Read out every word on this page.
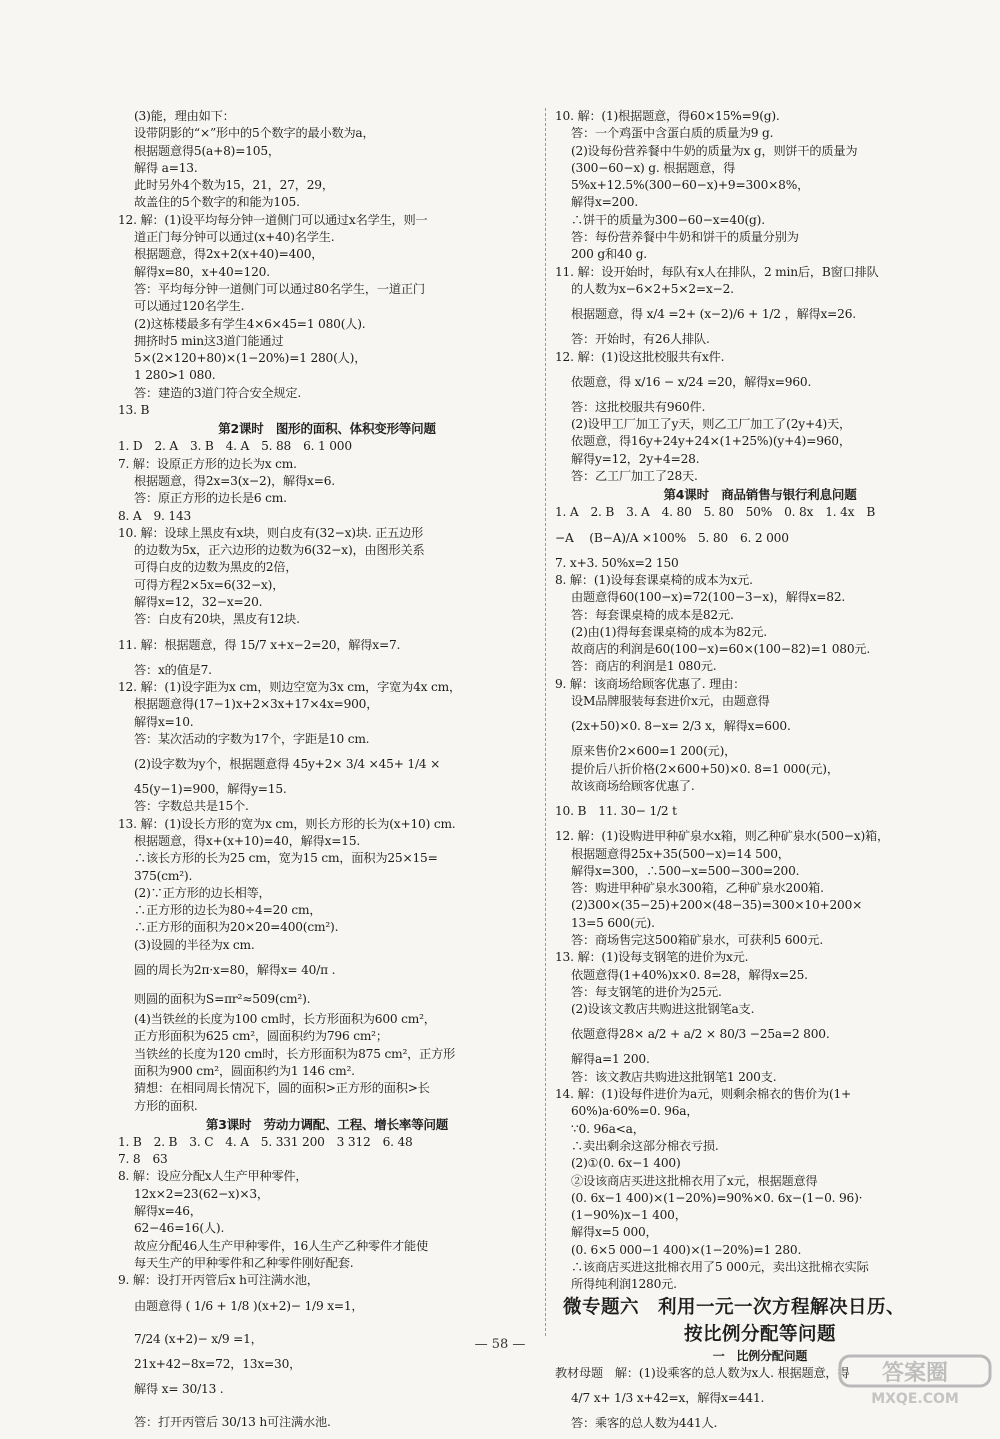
(3)能，理由如下：
设带阴影的“×”形中的5个数字的最小数为a，
根据题意得5(a+8)=105，
解得 a=13.
此时另外4个数为15，21，27，29，
故盖住的5个数字的和能为105.
12. 解：(1)设平均每分钟一道侧门可以通过x名学生，则一
道正门每分钟可以通过(x+40)名学生.
根据题意，得2x+2(x+40)=400，
解得x=80，x+40=120.
答：平均每分钟一道侧门可以通过80名学生，一道正门
可以通过120名学生.
(2)这栋楼最多有学生4×6×45=1 080(人).
拥挤时5 min这3道门能通过
5×(2×120+80)×(1−20%)=1 280(人)，
1 280>1 080.
答：建造的3道门符合安全规定.
13. B
第2课时　图形的面积、体积变形等问题
1. D　2. A　3. B　4. A　5. 88　6. 1 000
7. 解：设原正方形的边长为x cm.
根据题意，得2x=3(x−2)，解得x=6.
答：原正方形的边长是6 cm.
8. A　9. 143
10. 解：设球上黑皮有x块，则白皮有(32−x)块. 正五边形
的边数为5x，正六边形的边数为6(32−x)，由图形关系
可得白皮的边数为黑皮的2倍，
可得方程2×5x=6(32−x)，
解得x=12，32−x=20.
答：白皮有20块，黑皮有12块.
11. 解：根据题意，得 15/7 x+x−2=20，解得x=7.
答：x的值是7.
12. 解：(1)设字距为x cm，则边空宽为3x cm，字宽为4x cm，
根据题意得(17−1)x+2×3x+17×4x=900，
解得x=10.
答：某次活动的字数为17个，字距是10 cm.
(2)设字数为y个，根据题意得 45y+2× 3/4 ×45+ 1/4 ×
45(y−1)=900，解得y=15.
答：字数总共是15个.
13. 解：(1)设长方形的宽为x cm，则长方形的长为(x+10) cm.
根据题意，得x+(x+10)=40，解得x=15.
∴该长方形的长为25 cm，宽为15 cm，面积为25×15=
375(cm²).
(2)∵正方形的边长相等，
∴正方形的边长为80÷4=20 cm，
∴正方形的面积为20×20=400(cm²).
(3)设圆的半径为x cm.
圆的周长为2π·x=80，解得x= 40/π .
则圆的面积为S=πr²≈509(cm²).
(4)当铁丝的长度为100 cm时，长方形面积为600 cm²，
正方形面积为625 cm²，圆面积约为796 cm²；
当铁丝的长度为120 cm时，长方形面积为875 cm²，正方形
面积为900 cm²，圆面积约为1 146 cm².
猜想：在相同周长情况下，圆的面积>正方形的面积>长
方形的面积.
第3课时　劳动力调配、工程、增长率等问题
1. B　2. B　3. C　4. A　5. 331 200　3 312　6. 48
7. 8　63
8. 解：设应分配x人生产甲种零件，
12x×2=23(62−x)×3，
解得x=46，
62−46=16(人).
故应分配46人生产甲种零件，16人生产乙种零件才能使
每天生产的甲种零件和乙种零件刚好配套.
9. 解：设打开丙管后x h可注满水池，
由题意得 ( 1/6 + 1/8 )(x+2)− 1/9 x=1，
7/24 (x+2)− x/9 =1，
21x+42−8x=72，13x=30，
解得 x= 30/13 .
答：打开丙管后 30/13 h可注满水池.
10. 解：(1)根据题意，得60×15%=9(g).
答：一个鸡蛋中含蛋白质的质量为9 g.
(2)设每份营养餐中牛奶的质量为x g，则饼干的质量为
(300−60−x) g. 根据题意，得
5%x+12.5%(300−60−x)+9=300×8%，
解得x=200.
∴饼干的质量为300−60−x=40(g).
答：每份营养餐中牛奶和饼干的质量分别为
200 g和40 g.
11. 解：设开始时，每队有x人在排队，2 min后，B窗口排队
的人数为x−6×2+5×2=x−2.
根据题意，得 x/4 =2+ (x−2)/6 + 1/2 ，解得x=26.
答：开始时，有26人排队.
12. 解：(1)设这批校服共有x件.
依题意，得 x/16 − x/24 =20，解得x=960.
答：这批校服共有960件.
(2)设甲工厂加工了y天，则乙工厂加工了(2y+4)天，
依题意，得16y+24y+24×(1+25%)(y+4)=960，
解得y=12，2y+4=28.
答：乙工厂加工了28天.
第4课时　商品销售与银行利息问题
1. A　2. B　3. A　4. 80　5. 80　50%　0. 8x　1. 4x　B
−A　 (B−A)/A ×100%　5. 80　6. 2 000
7. x+3. 50%x=2 150
8. 解：(1)设每套课桌椅的成本为x元.
由题意得60(100−x)=72(100−3−x)，解得x=82.
答：每套课桌椅的成本是82元.
(2)由(1)得每套课桌椅的成本为82元.
故商店的利润是60(100−x)=60×(100−82)=1 080元.
答：商店的利润是1 080元.
9. 解：该商场给顾客优惠了. 理由：
设M品牌服装每套进价x元，由题意得
(2x+50)×0. 8−x= 2/3 x，解得x=600.
原来售价2×600=1 200(元)，
提价后八折价格(2×600+50)×0. 8=1 000(元)，
故该商场给顾客优惠了.
10. B　11. 30− 1/2 t
12. 解：(1)设购进甲种矿泉水x箱，则乙种矿泉水(500−x)箱，
根据题意得25x+35(500−x)=14 500，
解得x=300，∴500−x=500−300=200.
答：购进甲种矿泉水300箱，乙种矿泉水200箱.
(2)300×(35−25)+200×(48−35)=300×10+200×
13=5 600(元).
答：商场售完这500箱矿泉水，可获利5 600元.
13. 解：(1)设每支钢笔的进价为x元.
依题意得(1+40%)x×0. 8=28，解得x=25.
答：每支钢笔的进价为25元.
(2)设该文教店共购进这批钢笔a支.
依题意得28× a/2 + a/2 × 80/3 −25a=2 800.
解得a=1 200.
答：该文教店共购进这批钢笔1 200支.
14. 解：(1)设每件进价为a元，则剩余棉衣的售价为(1+
60%)a·60%=0. 96a，
∵0. 96a<a，
∴卖出剩余这部分棉衣亏损.
(2)①(0. 6x−1 400)
②设该商店买进这批棉衣用了x元，根据题意得
(0. 6x−1 400)×(1−20%)=90%×0. 6x−(1−0. 96)·
(1−90%)x−1 400，
解得x=5 000，
(0. 6×5 000−1 400)×(1−20%)=1 280.
∴该商店买进这批棉衣用了5 000元，卖出这批棉衣实际
所得纯利润1280元.
微专题六　利用一元一次方程解决日历、
按比例分配等问题
一　比例分配问题
教材母题　解：(1)设乘客的总人数为x人. 根据题意，得
4/7 x+ 1/3 x+42=x，解得x=441.
答：乘客的总人数为441人.
— 58 —
答案圈
MXQE.COM
